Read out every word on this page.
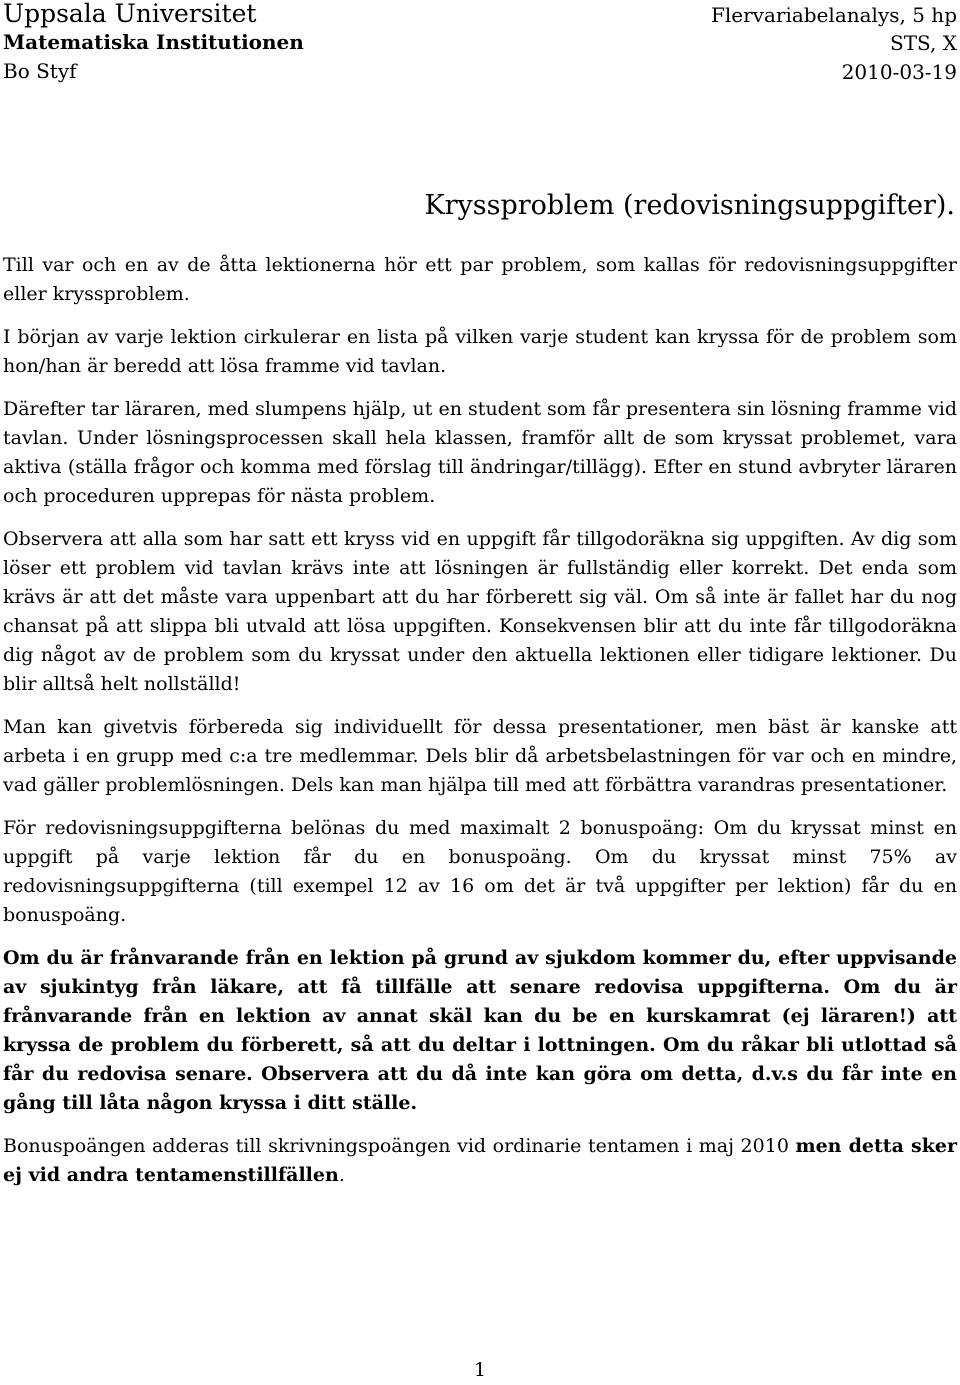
Uppsala Universitet
Matematiska Institutionen
Bo Styf
Flervariabelanalys, 5 hp
STS, X
2010-03-19
Kryssproblem (redovisningsuppgifter).

Till var och en av de åtta lektionerna hör ett par problem, som kallas för redovisningsuppgifter eller kryssproblem.

I början av varje lektion cirkulerar en lista på vilken varje student kan kryssa för de problem som hon/han är beredd att lösa framme vid tavlan.

Därefter tar läraren, med slumpens hjälp, ut en student som får presentera sin lösning framme vid tavlan. Under lösningsprocessen skall hela klassen, framför allt de som kryssat problemet, vara aktiva (ställa frågor och komma med förslag till ändringar/tillägg). Efter en stund avbryter läraren och proceduren upprepas för nästa problem.

Observera att alla som har satt ett kryss vid en uppgift får tillgodoräkna sig uppgiften. Av dig som löser ett problem vid tavlan krävs inte att lösningen är fullständig eller korrekt. Det enda som krävs är att det måste vara uppenbart att du har förberett sig väl. Om så inte är fallet har du nog chansat på att slippa bli utvald att lösa uppgiften. Konsekvensen blir att du inte får tillgodoräkna dig något av de problem som du kryssat under den aktuella lektionen eller tidigare lektioner. Du blir alltså helt nollställd!

Man kan givetvis förbereda sig individuellt för dessa presentationer, men bäst är kanske att arbeta i en grupp med c:a tre medlemmar. Dels blir då arbetsbelastningen för var och en mindre, vad gäller problemlösningen. Dels kan man hjälpa till med att förbättra varandras presentationer.

För redovisningsuppgifterna belönas du med maximalt 2 bonuspoäng: Om du kryssat minst en uppgift på varje lektion får du en bonuspoäng. Om du kryssat minst 75% av redovisningsuppgifterna (till exempel 12 av 16 om det är två uppgifter per lektion) får du en bonuspoäng.

Om du är frånvarande från en lektion på grund av sjukdom kommer du, efter uppvisande av sjukintyg från läkare, att få tillfälle att senare redovisa uppgifterna. Om du är frånvarande från en lektion av annat skäl kan du be en kurskamrat (ej läraren!) att kryssa de problem du förberett, så att du deltar i lottningen. Om du råkar bli utlottad så får du redovisa senare. Observera att du då inte kan göra om detta, d.v.s du får inte en gång till låta någon kryssa i ditt ställe.

Bonuspoängen adderas till skrivningspoängen vid ordinarie tentamen i maj 2010 men detta sker ej vid andra tentamenstillfällen.

1
